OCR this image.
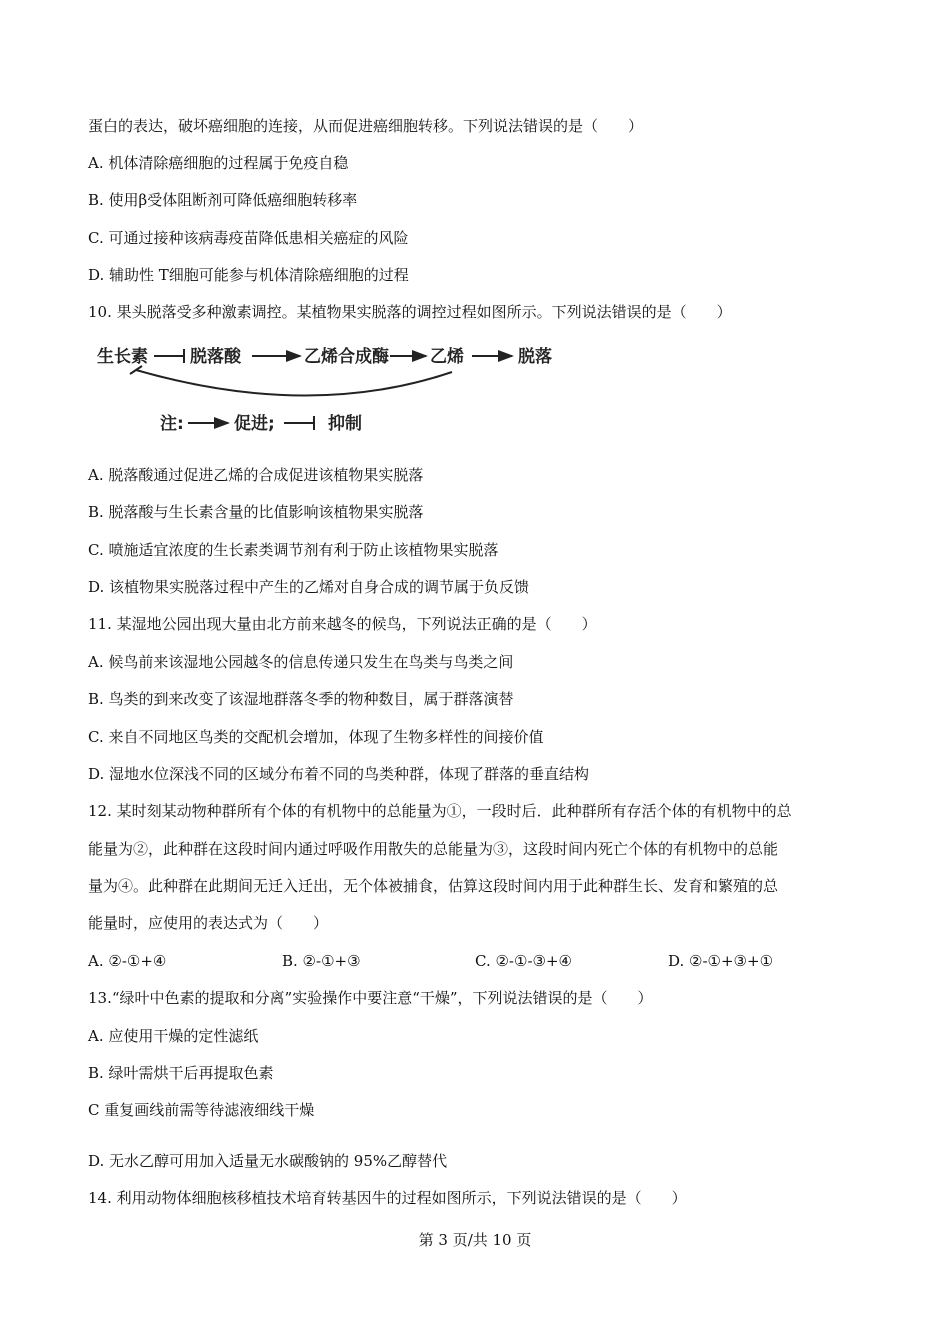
蛋白的表达，破坏癌细胞的连接，从而促进癌细胞转移。下列说法错误的是（　　）
A. 机体清除癌细胞的过程属于免疫自稳
B. 使用β受体阻断剂可降低癌细胞转移率
C. 可通过接种该病毒疫苗降低患相关癌症的风险
D. 辅助性 T细胞可能参与机体清除癌细胞的过程
10. 果头脱落受多种激素调控。某植物果实脱落的调控过程如图所示。下列说法错误的是（　　）
生长素 脱落酸	乙烯合成酶 乙烯	脱落
注:	促进;	抑制
A. 脱落酸通过促进乙烯的合成促进该植物果实脱落
B. 脱落酸与生长素含量的比值影响该植物果实脱落
C. 喷施适宜浓度的生长素类调节剂有利于防止该植物果实脱落
D. 该植物果实脱落过程中产生的乙烯对自身合成的调节属于负反馈
11. 某湿地公园出现大量由北方前来越冬的候鸟，下列说法正确的是（　　）
A. 候鸟前来该湿地公园越冬的信息传递只发生在鸟类与鸟类之间
B. 鸟类的到来改变了该湿地群落冬季的物种数目，属于群落演替
C. 来自不同地区鸟类的交配机会增加，体现了生物多样性的间接价值
D. 湿地水位深浅不同的区域分布着不同的鸟类种群，体现了群落的垂直结构
12. 某时刻某动物种群所有个体的有机物中的总能量为①，一段时后．此种群所有存活个体的有机物中的总
能量为②，此种群在这段时间内通过呼吸作用散失的总能量为③，这段时间内死亡个体的有机物中的总能
量为④。此种群在此期间无迁入迁出，无个体被捕食，估算这段时间内用于此种群生长、发育和繁殖的总
能量时，应使用的表达式为（　　）
A. ②-①+④	B. ②-①+③	C. ②-①-③+④	D. ②-①+③+①
13.“绿叶中色素的提取和分离”实验操作中要注意“干燥”，下列说法错误的是（　　）
A. 应使用干燥的定性滤纸
B. 绿叶需烘干后再提取色素
C 重复画线前需等待滤液细线干燥
D. 无水乙醇可用加入适量无水碳酸钠的 95%乙醇替代
14. 利用动物体细胞核移植技术培育转基因牛的过程如图所示，下列说法错误的是（　　）
第 3 页/共 10 页
